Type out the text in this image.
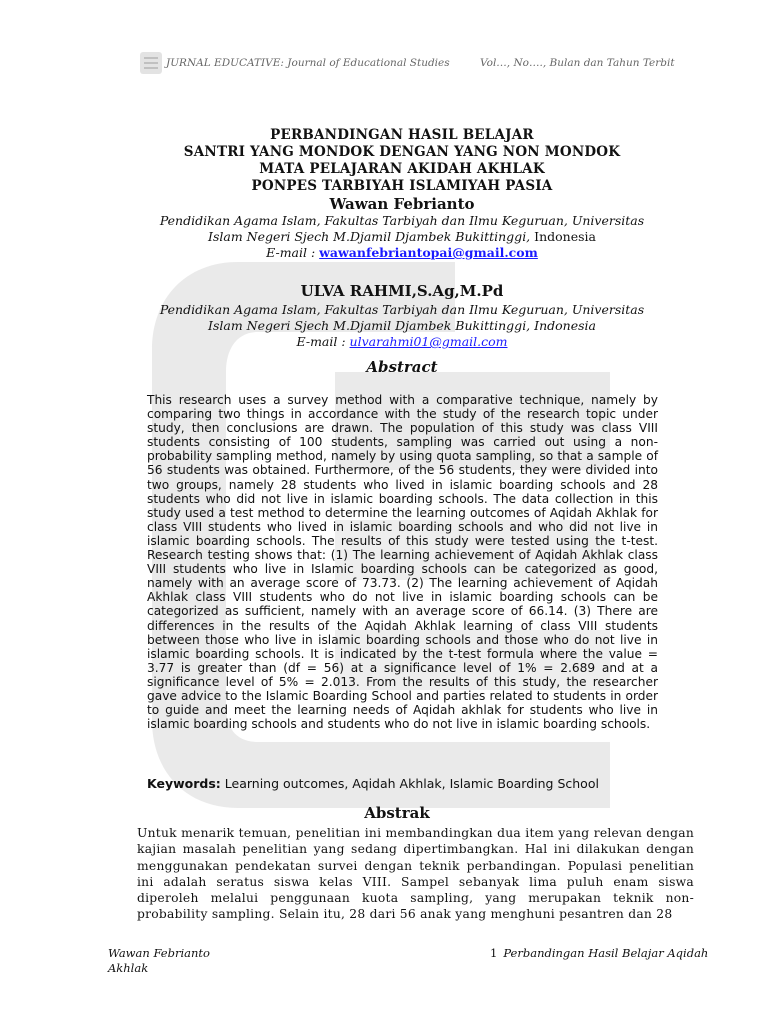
JURNAL EDUCATIVE: Journal of Educational Studies	Vol…, No…., Bulan dan Tahun Terbit
PERBANDINGAN HASIL BELAJAR
SANTRI YANG MONDOK DENGAN YANG NON MONDOK
MATA PELAJARAN AKIDAH AKHLAK
PONPES TARBIYAH ISLAMIYAH PASIA
Wawan Febrianto
Pendidikan Agama Islam, Fakultas Tarbiyah dan Ilmu Keguruan, Universitas
Islam Negeri Sjech M.Djamil Djambek Bukittinggi, Indonesia
E-mail : wawanfebriantopai@gmail.com
ULVA RAHMI,S.Ag,M.Pd
Pendidikan Agama Islam, Fakultas Tarbiyah dan Ilmu Keguruan, Universitas
Islam Negeri Sjech M.Djamil Djambek Bukittinggi, Indonesia
E-mail : ulvarahmi01@gmail.com
Abstract
This research uses a survey method with a comparative technique, namely by comparing two things in accordance with the study of the research topic under study, then conclusions are drawn. The population of this study was class VIII students consisting of 100 students, sampling was carried out using a non-probability sampling method, namely by using quota sampling, so that a sample of 56 students was obtained. Furthermore, of the 56 students, they were divided into two groups, namely 28 students who lived in islamic boarding schools and 28 students who did not live in islamic boarding schools. The data collection in this study used a test method to determine the learning outcomes of Aqidah Akhlak for class VIII students who lived in islamic boarding schools and who did not live in islamic boarding schools. The results of this study were tested using the t-test. Research testing shows that: (1) The learning achievement of Aqidah Akhlak class VIII students who live in Islamic boarding schools can be categorized as good, namely with an average score of 73.73. (2) The learning achievement of Aqidah Akhlak class VIII students who do not live in islamic boarding schools can be categorized as sufficient, namely with an average score of 66.14. (3) There are differences in the results of the Aqidah Akhlak learning of class VIII students between those who live in islamic boarding schools and those who do not live in islamic boarding schools. It is indicated by the t-test formula where the value = 3.77 is greater than (df = 56) at a significance level of 1% = 2.689 and at a significance level of 5% = 2.013. From the results of this study, the researcher gave advice to the Islamic Boarding School and parties related to students in order to guide and meet the learning needs of Aqidah akhlak for students who live in islamic boarding schools and students who do not live in islamic boarding schools.
Keywords: Learning outcomes, Aqidah Akhlak, Islamic Boarding School
Abstrak
Untuk menarik temuan, penelitian ini membandingkan dua item yang relevan dengan kajian masalah penelitian yang sedang dipertimbangkan. Hal ini dilakukan dengan menggunakan pendekatan survei dengan teknik perbandingan. Populasi penelitian ini adalah seratus siswa kelas VIII. Sampel sebanyak lima puluh enam siswa diperoleh melalui penggunaan kuota sampling, yang merupakan teknik non-probability sampling. Selain itu, 28 dari 56 anak yang menghuni pesantren dan 28
Wawan Febrianto
Akhlak
1 Perbandingan Hasil Belajar Aqidah
